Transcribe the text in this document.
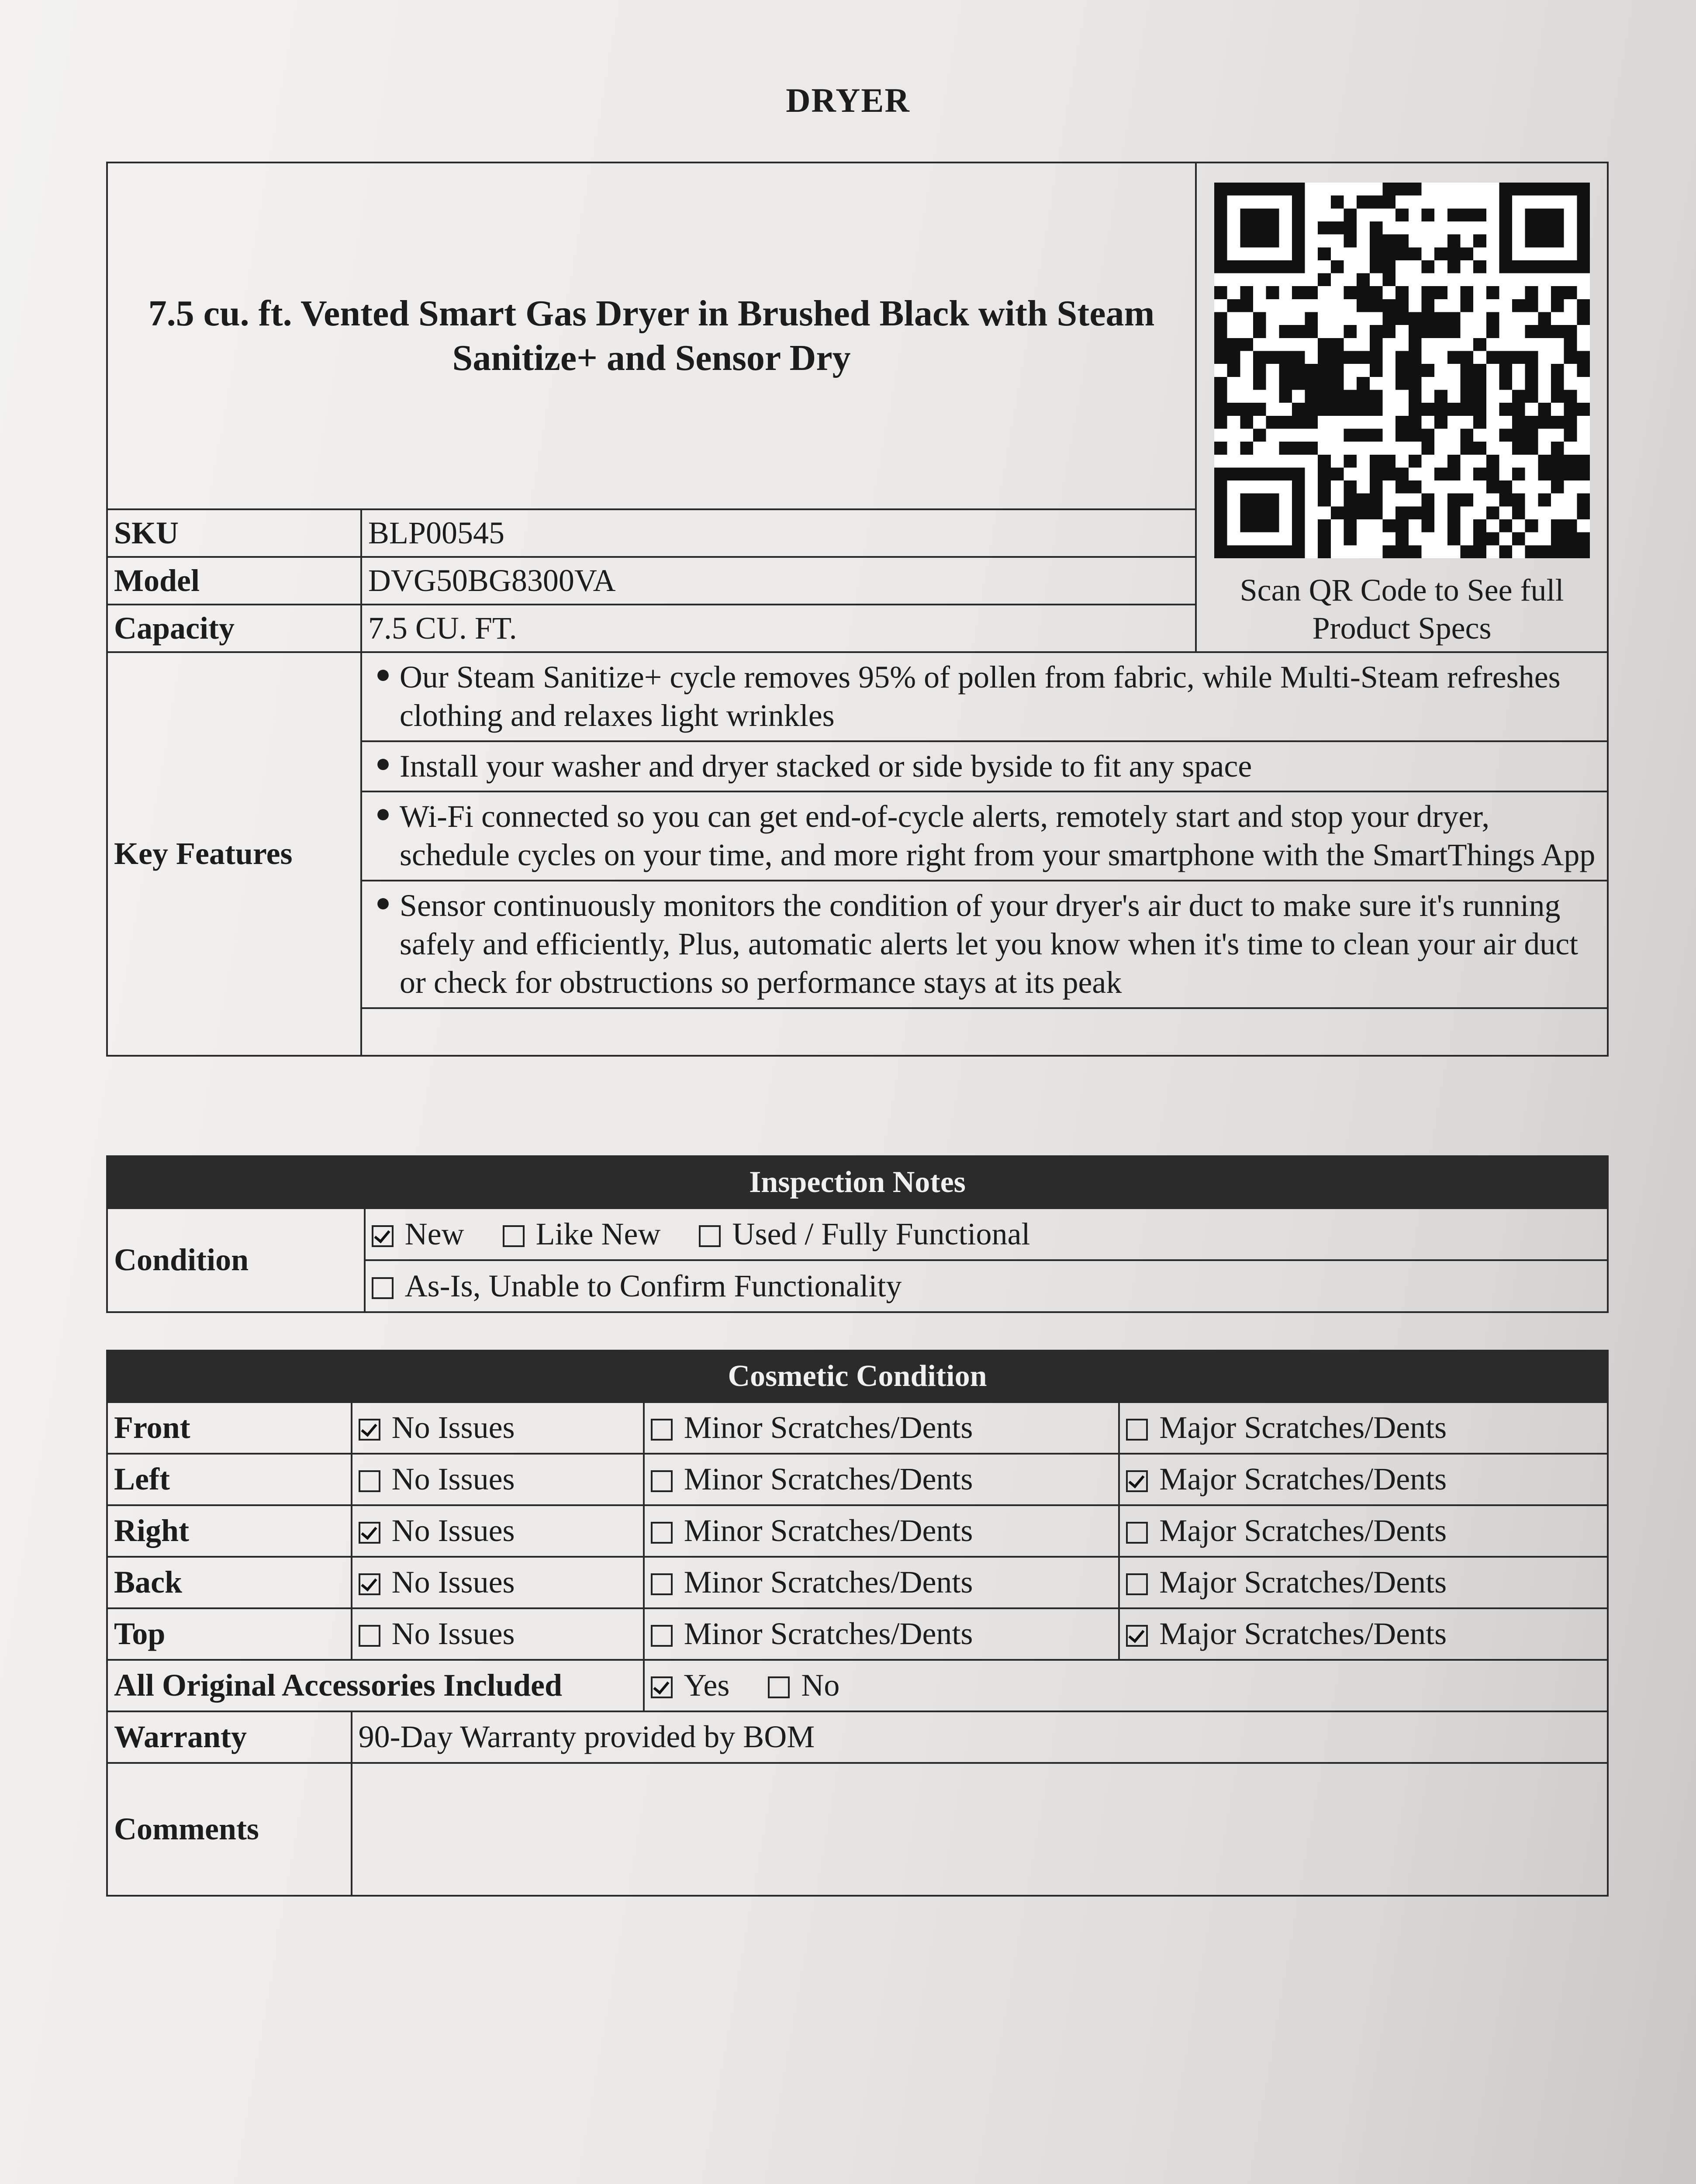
DRYER
7.5 cu. ft. Vented Smart Gas Dryer in Brushed Black with Steam Sanitize+ and Sensor Dry		Scan QR Code to See full Product Specs

SKU	BLP00545	
Model	DVG50BG8300VA	
Capacity	7.5 CU. FT.	
Key Features	● Our Steam Sanitize+ cycle removes 95% of pollen from fabric, while Multi-Steam refreshes clothing and relaxes light wrinkles	

	● Install your washer and dryer stacked or side byside to fit any space	

	● Wi-Fi connected so you can get end-of-cycle alerts, remotely start and stop your dryer, schedule cycles on your time, and more right from your smartphone with the SmartThings App	

	● Sensor continuously monitors the condition of your dryer's air duct to make sure it's running safely and efficiently, Plus, automatic alerts let you know when it's time to clean your air duct or check for obstructions so performance stays at its peak	

Inspection Notes
Condition	New Like New Used / Fully Functional
As-Is, Unable to Confirm Functionality
Cosmetic Condition			
Front	No Issues	Minor Scratches/Dents	Major Scratches/Dents
Left	No Issues	Minor Scratches/Dents	Major Scratches/Dents
Right	No Issues	Minor Scratches/Dents	Major Scratches/Dents
Back	No Issues	Minor Scratches/Dents	Major Scratches/Dents
Top	No Issues	Minor Scratches/Dents	Major Scratches/Dents
All Original Accessories Included		Yes No	
Warranty	90-Day Warranty provided by BOM		
Comments			
